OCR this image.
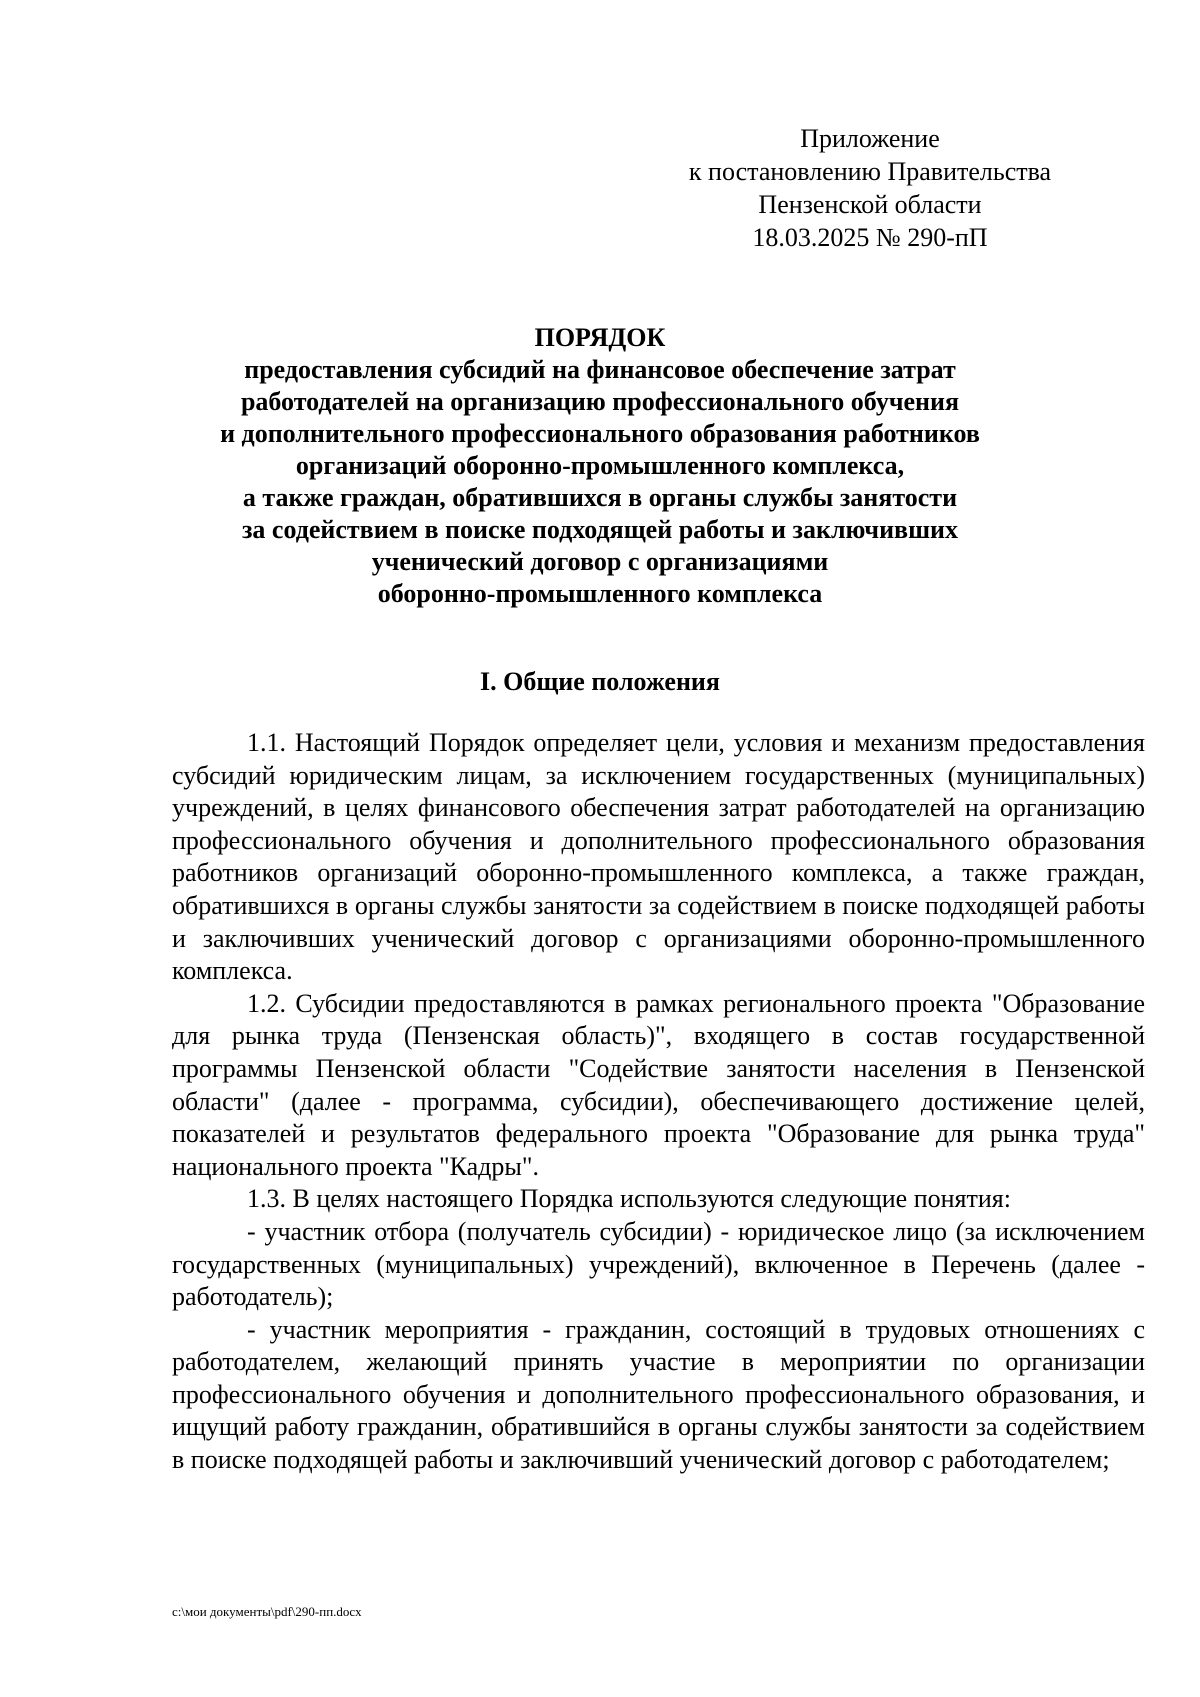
Приложение
к постановлению Правительства
Пензенской области
18.03.2025 № 290-пП
ПОРЯДОК
предоставления субсидий на финансовое обеспечение затрат
работодателей на организацию профессионального обучения
и дополнительного профессионального образования работников
организаций оборонно-промышленного комплекса,
а также граждан, обратившихся в органы службы занятости
за содействием в поиске подходящей работы и заключивших
ученический договор с организациями
оборонно-промышленного комплекса
I. Общие положения

1.1. Настоящий Порядок определяет цели, условия и механизм предоставления субсидий юридическим лицам, за исключением государственных (муниципальных) учреждений, в целях финансового обеспечения затрат работодателей на организацию профессионального обучения и дополнительного профессионального образования работников организаций оборонно-промышленного комплекса, а также граждан, обратившихся в органы службы занятости за содействием в поиске подходящей работы и заключивших ученический договор с организациями оборонно-промышленного комплекса.

1.2. Субсидии предоставляются в рамках регионального проекта "Образование для рынка труда (Пензенская область)", входящего в состав государственной программы Пензенской области "Содействие занятости населения в Пензенской области" (далее - программа, субсидии), обеспечивающего достижение целей, показателей и результатов федерального проекта "Образование для рынка труда" национального проекта "Кадры".

1.3. В целях настоящего Порядка используются следующие понятия:

- участник отбора (получатель субсидии) - юридическое лицо (за исключением государственных (муниципальных) учреждений), включенное в Перечень (далее - работодатель);

- участник мероприятия - гражданин, состоящий в трудовых отношениях с работодателем, желающий принять участие в мероприятии по организации профессионального обучения и дополнительного профессионального образования, и ищущий работу гражданин, обратившийся в органы службы занятости за содействием в поиске подходящей работы и заключивший ученический договор с работодателем;

c:\мои документы\pdf\290-пп.docx
